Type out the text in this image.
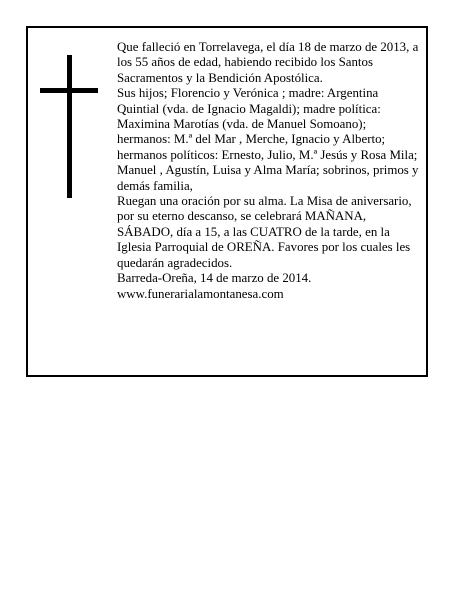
Que falleció en Torrelavega, el día 18 de marzo de 2013, a los 55 años de edad, habiendo recibido los Santos Sacramentos y la Bendición Apostólica.

Sus hijos; Florencio y Verónica ; madre: Argentina Quintial (vda. de Ignacio Magaldi); madre política: Maximina Marotías (vda. de Manuel Somoano); hermanos: M.ª del Mar , Merche, Ignacio y Alberto; hermanos políticos: Ernesto, Julio, M.ª Jesús y Rosa Mila; Manuel , Agustín, Luisa y Alma María; sobrinos, primos y demás familia,

Ruegan una oración por su alma. La Misa de aniversario, por su eterno descanso, se celebrará MAÑANA, SÁBADO, día a 15, a las CUATRO de la tarde, en la Iglesia Parroquial de OREÑA. Favores por los cuales les quedarán agradecidos.

Barreda-Oreña, 14 de marzo de 2014.

www.funerarialamontanesa.com
